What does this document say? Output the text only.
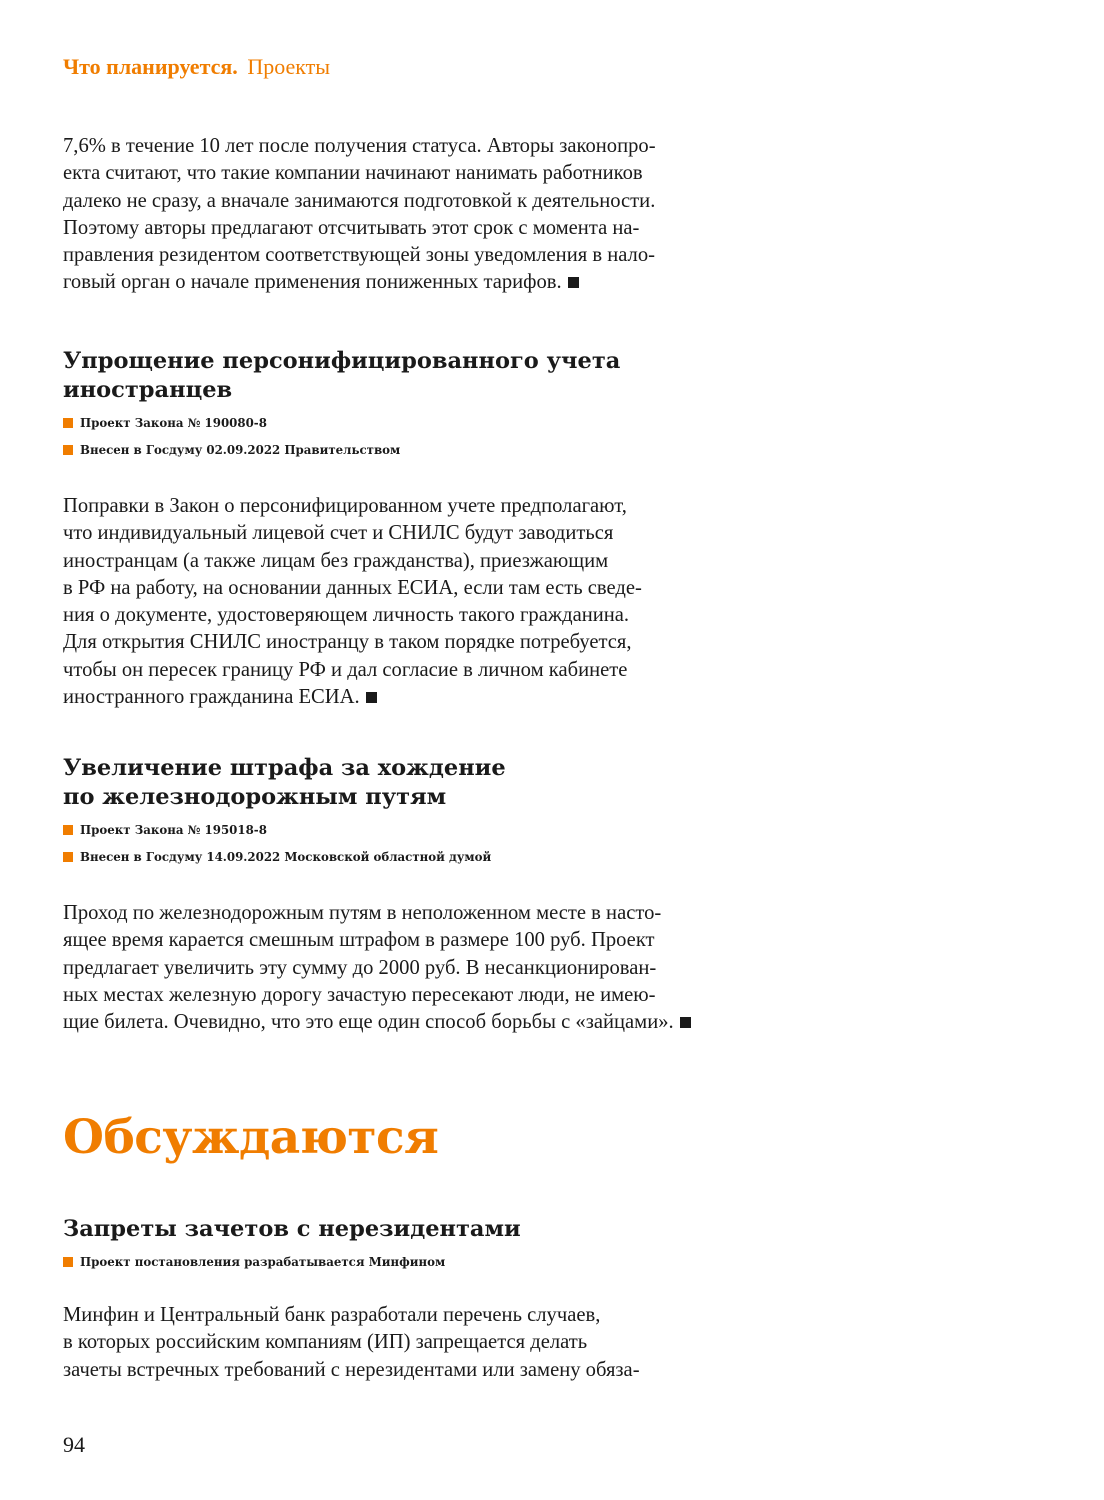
Что планируется. Проекты

7,6% в течение 10 лет после получения статуса. Авторы законопро-
екта считают, что такие компании начинают нанимать работников
далеко не сразу, а вначале занимаются подготовкой к деятельности.
Поэтому авторы предлагают отсчитывать этот срок с момента на-
правления резидентом соответствующей зоны уведомления в нало-
говый орган о начале применения пониженных тарифов.

Упрощение персонифицированного учета
иностранцев
Проект Закона № 190080-8
Внесен в Госдуму 02.09.2022 Правительством

Поправки в Закон о персонифицированном учете предполагают,
что индивидуальный лицевой счет и СНИЛС будут заводиться
иностранцам (а также лицам без гражданства), приезжающим
в РФ на работу, на основании данных ЕСИА, если там есть сведе-
ния о документе, удостоверяющем личность такого гражданина.
Для открытия СНИЛС иностранцу в таком порядке потребуется,
чтобы он пересек границу РФ и дал согласие в личном кабинете
иностранного гражданина ЕСИА.

Увеличение штрафа за хождение
по железнодорожным путям
Проект Закона № 195018-8
Внесен в Госдуму 14.09.2022 Московской областной думой

Проход по железнодорожным путям в неположенном месте в насто-
ящее время карается смешным штрафом в размере 100 руб. Проект
предлагает увеличить эту сумму до 2000 руб. В несанкционирован-
ных местах железную дорогу зачастую пересекают люди, не имею-
щие билета. Очевидно, что это еще один способ борьбы с «зайцами».

Обсуждаются
Запреты зачетов с нерезидентами
Проект постановления разрабатывается Минфином

Минфин и Центральный банк разработали перечень случаев,
в которых российским компаниям (ИП) запрещается делать
зачеты встречных требований с нерезидентами или замену обяза-

94
